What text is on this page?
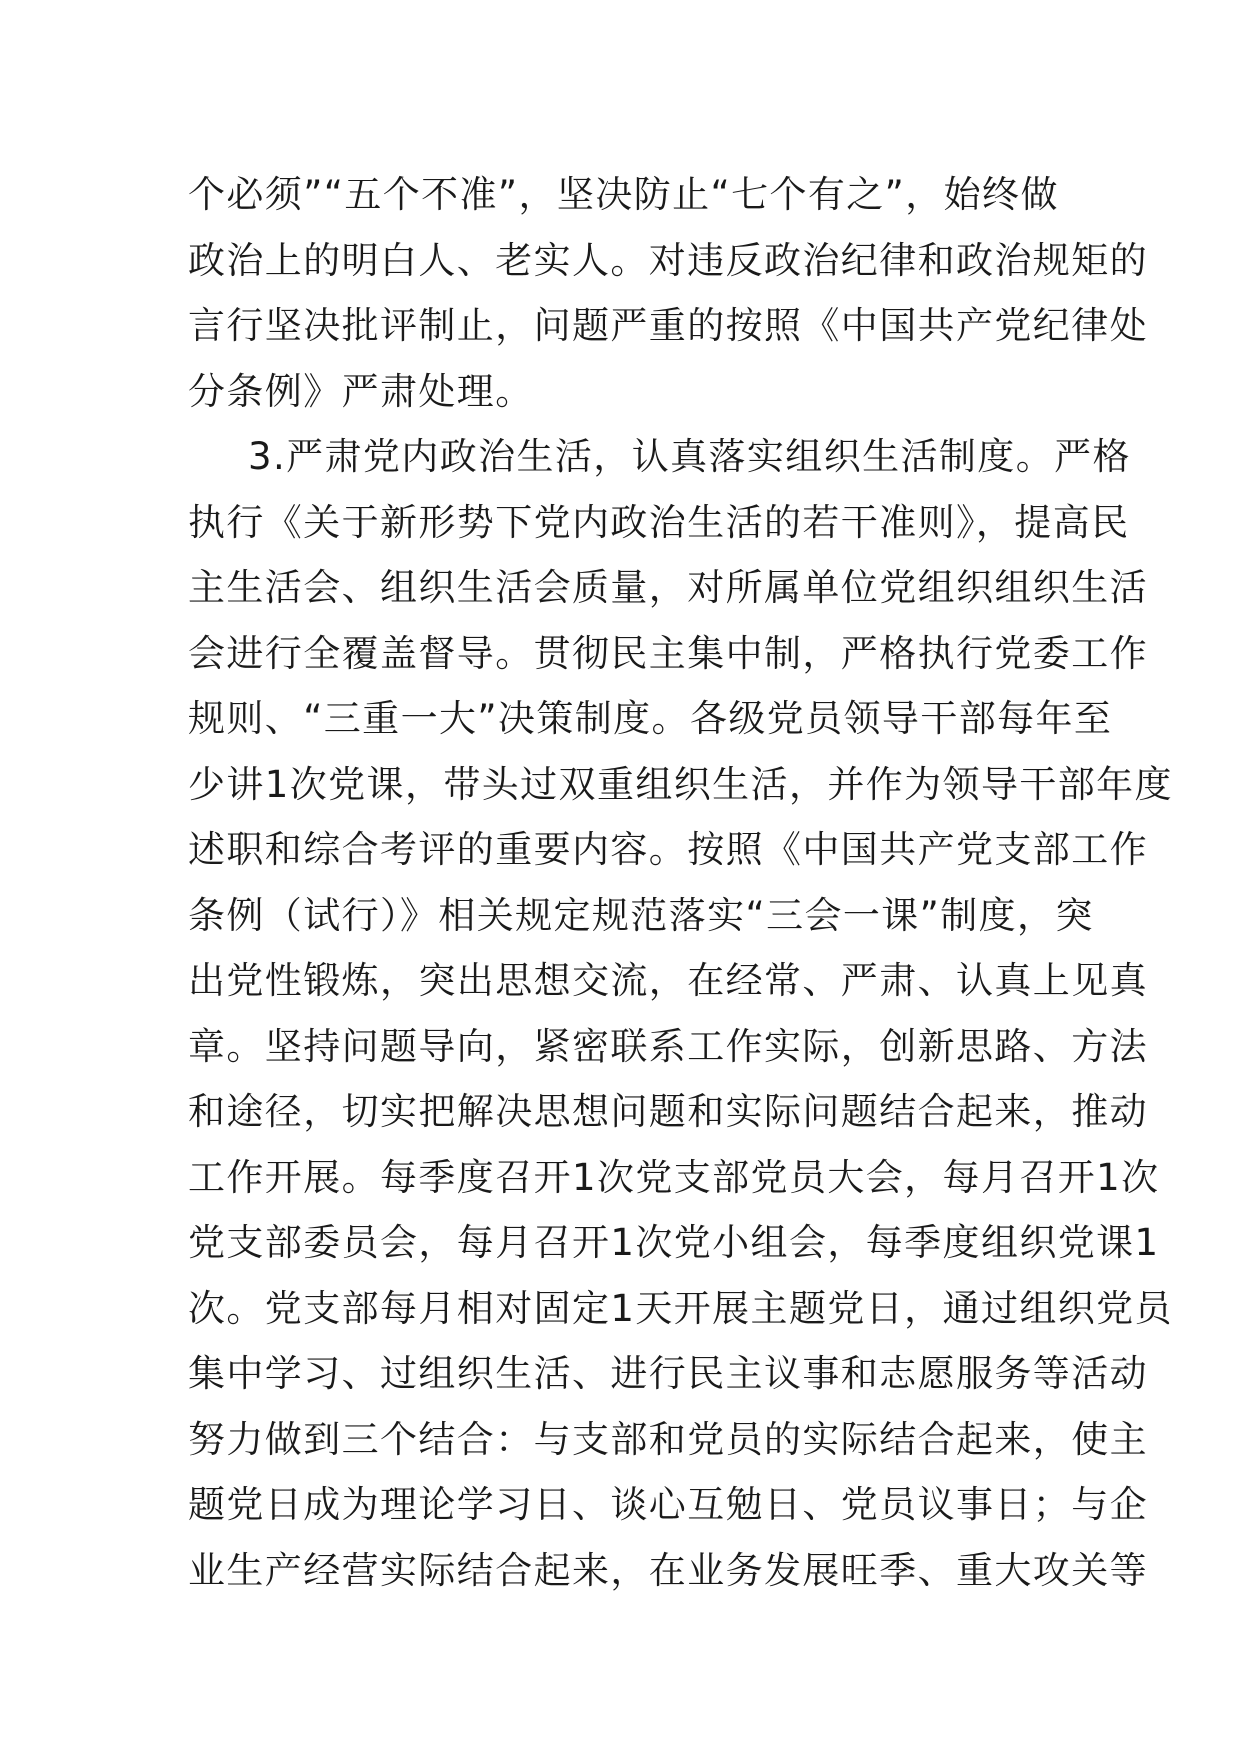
个必须”“五个不准”，坚决防止“七个有之”，始终做
政治上的明白人、老实人。对违反政治纪律和政治规矩的
言行坚决批评制止，问题严重的按照《中国共产党纪律处
分条例》严肃处理。
3.严肃党内政治生活，认真落实组织生活制度。严格
执行《关于新形势下党内政治生活的若干准则》，提高民
主生活会、组织生活会质量，对所属单位党组织组织生活
会进行全覆盖督导。贯彻民主集中制，严格执行党委工作
规则、“三重一大”决策制度。各级党员领导干部每年至
少讲1次党课，带头过双重组织生活，并作为领导干部年度
述职和综合考评的重要内容。按照《中国共产党支部工作
条例（试行）》相关规定规范落实“三会一课”制度，突
出党性锻炼，突出思想交流，在经常、严肃、认真上见真
章。坚持问题导向，紧密联系工作实际，创新思路、方法
和途径，切实把解决思想问题和实际问题结合起来，推动
工作开展。每季度召开1次党支部党员大会，每月召开1次
党支部委员会，每月召开1次党小组会，每季度组织党课1
次。党支部每月相对固定1天开展主题党日，通过组织党员
集中学习、过组织生活、进行民主议事和志愿服务等活动
努力做到三个结合：与支部和党员的实际结合起来，使主
题党日成为理论学习日、谈心互勉日、党员议事日；与企
业生产经营实际结合起来，在业务发展旺季、重大攻关等
